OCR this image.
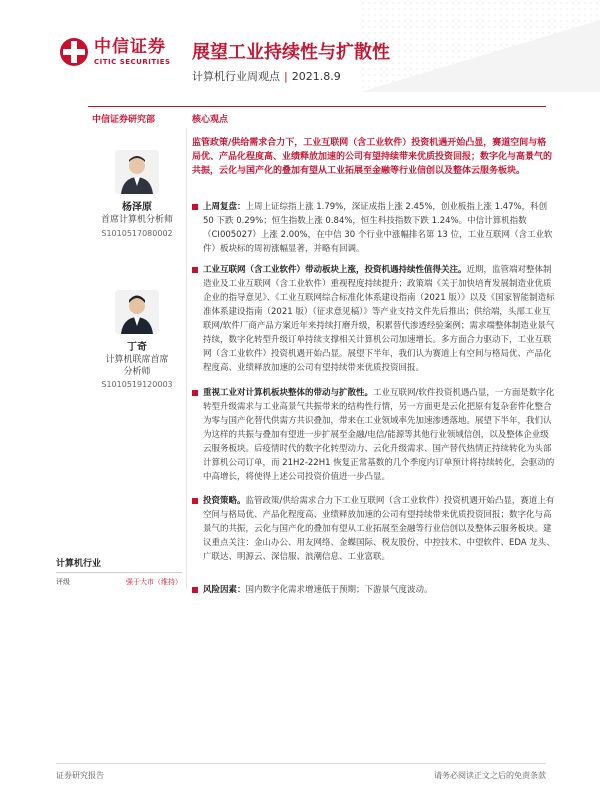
中信证券
CITIC SECURITIES 展望工业持续性与扩散性
计算机行业周观点 | 2021.8.9
中信证券研究部	核心观点
杨泽原
首席计算机分析师
S1010517080002
丁奇
计算机联席首席
分析师
S1010519120003
监管政策/供给需求合力下，工业互联网（含工业软件）投资机遇开始凸显，赛道空间与格局优、产品化程度高、业绩释放加速的公司有望持续带来优质投资回报；数字化与高景气的共振，云化与国产化的叠加有望从工业拓展至金融等行业信创以及整体云服务板块。
上周复盘：上周上证综指上涨 1.79%，深证成指上涨 2.45%，创业板指上涨 1.47%，科创 50 下跌 0.29%；恒生指数上涨 0.84%，恒生科技指数下跌 1.24%。中信计算机指数（CI005027）上涨 2.00%，在中信 30 个行业中涨幅排名第 13 位，工业互联网（含工业软件）板块标的周初涨幅显著，并略有回调。
工业互联网（含工业软件）带动板块上涨，投资机遇持续性值得关注。近期，监管端对整体制造业及工业互联网（含工业软件）重视程度持续提升；政策端《关于加快培育发展制造业优质企业的指导意见》、《工业互联网综合标准化体系建设指南（2021 版）》以及《国家智能制造标准体系建设指南（2021 版）（征求意见稿）》等产业支持文件先后推出；供给端，头部工业互联网/软件厂商产品方案近年来持续打磨升级，积累替代渗透经验案例；需求端整体制造业景气持续，数字化转型升级订单持续支撑相关计算机公司加速增长。多方面合力驱动下，工业互联网（含工业软件）投资机遇开始凸显。展望下半年，我们认为赛道上有空间与格局优、产品化程度高、业绩释放加速的公司有望持续带来优质投资回报。
重视工业对计算机板块整体的带动与扩散性。工业互联网/软件投资机遇凸显，一方面是数字化转型升级需求与工业高景气共振带来的结构性行情，另一方面更是云化把原有复杂套件化整合为零与国产化替代供需方共识叠加，带来在工业领域率先加速渗透落地。展望下半年，我们认为这样的共振与叠加有望进一步扩展至金融/电信/能源等其他行业领域信创，以及整体企业级云服务板块。后疫情时代的数字化转型动力、云化升级需求、国产替代热情正持续转化为头部计算机公司订单，而 21H2-22H1 恢复正常基数的几个季度内订单预计将持续转化，会驱动的中高增长，将使得上述公司投资价值进一步凸显。
投资策略。监管政策/供给需求合力下工业互联网（含工业软件）投资机遇开始凸显，赛道上有空间与格局优、产品化程度高、业绩释放加速的公司有望持续带来优质投资回报；数字化与高景气的共振，云化与国产化的叠加有望从工业拓展至金融等行业信创以及整体云服务板块。建议重点关注：金山办公、用友网络、金蝶国际、税友股份、中控技术、中望软件、EDA 龙头、广联达、明源云、深信服、浪潮信息、工业富联。
风险因素：国内数字化需求增速低于预期；下游景气度波动。
计算机行业
评级	强于大市（维持）
证券研究报告	请务必阅读正文之后的免责条款
